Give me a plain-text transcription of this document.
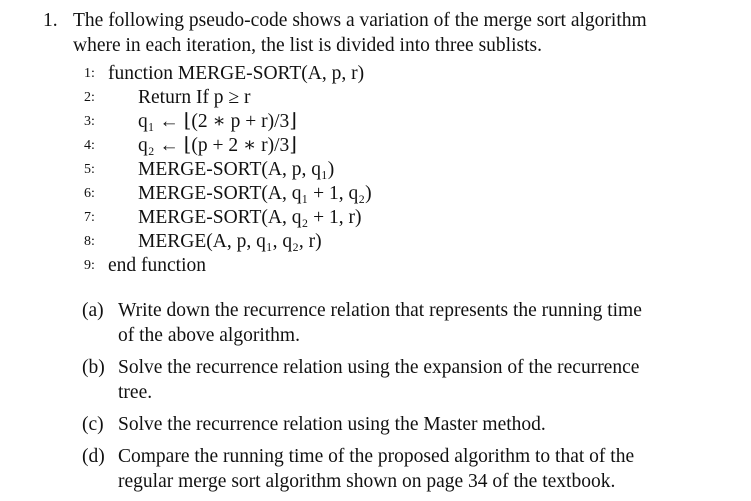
1. The following pseudo-code shows a variation of the merge sort algorithm
where in each iteration, the list is divided into three sublists.
1: function MERGE-SORT(A, p, r)
2:	Return If p ≥ r
3:	q₁ ← ⌊(2 ∗ p + r)/3⌋
4:	q₂ ← ⌊(p + 2 ∗ r)/3⌋
5:	MERGE-SORT(A, p, q₁)
6:	MERGE-SORT(A, q₁ + 1, q₂)
7:	MERGE-SORT(A, q₂ + 1, r)
8:	MERGE(A, p, q₁, q₂, r)
9: end function
(a) Write down the recurrence relation that represents the running time
of the above algorithm.
(b) Solve the recurrence relation using the expansion of the recurrence
tree.
(c) Solve the recurrence relation using the Master method.
(d) Compare the running time of the proposed algorithm to that of the
regular merge sort algorithm shown on page 34 of the textbook.
